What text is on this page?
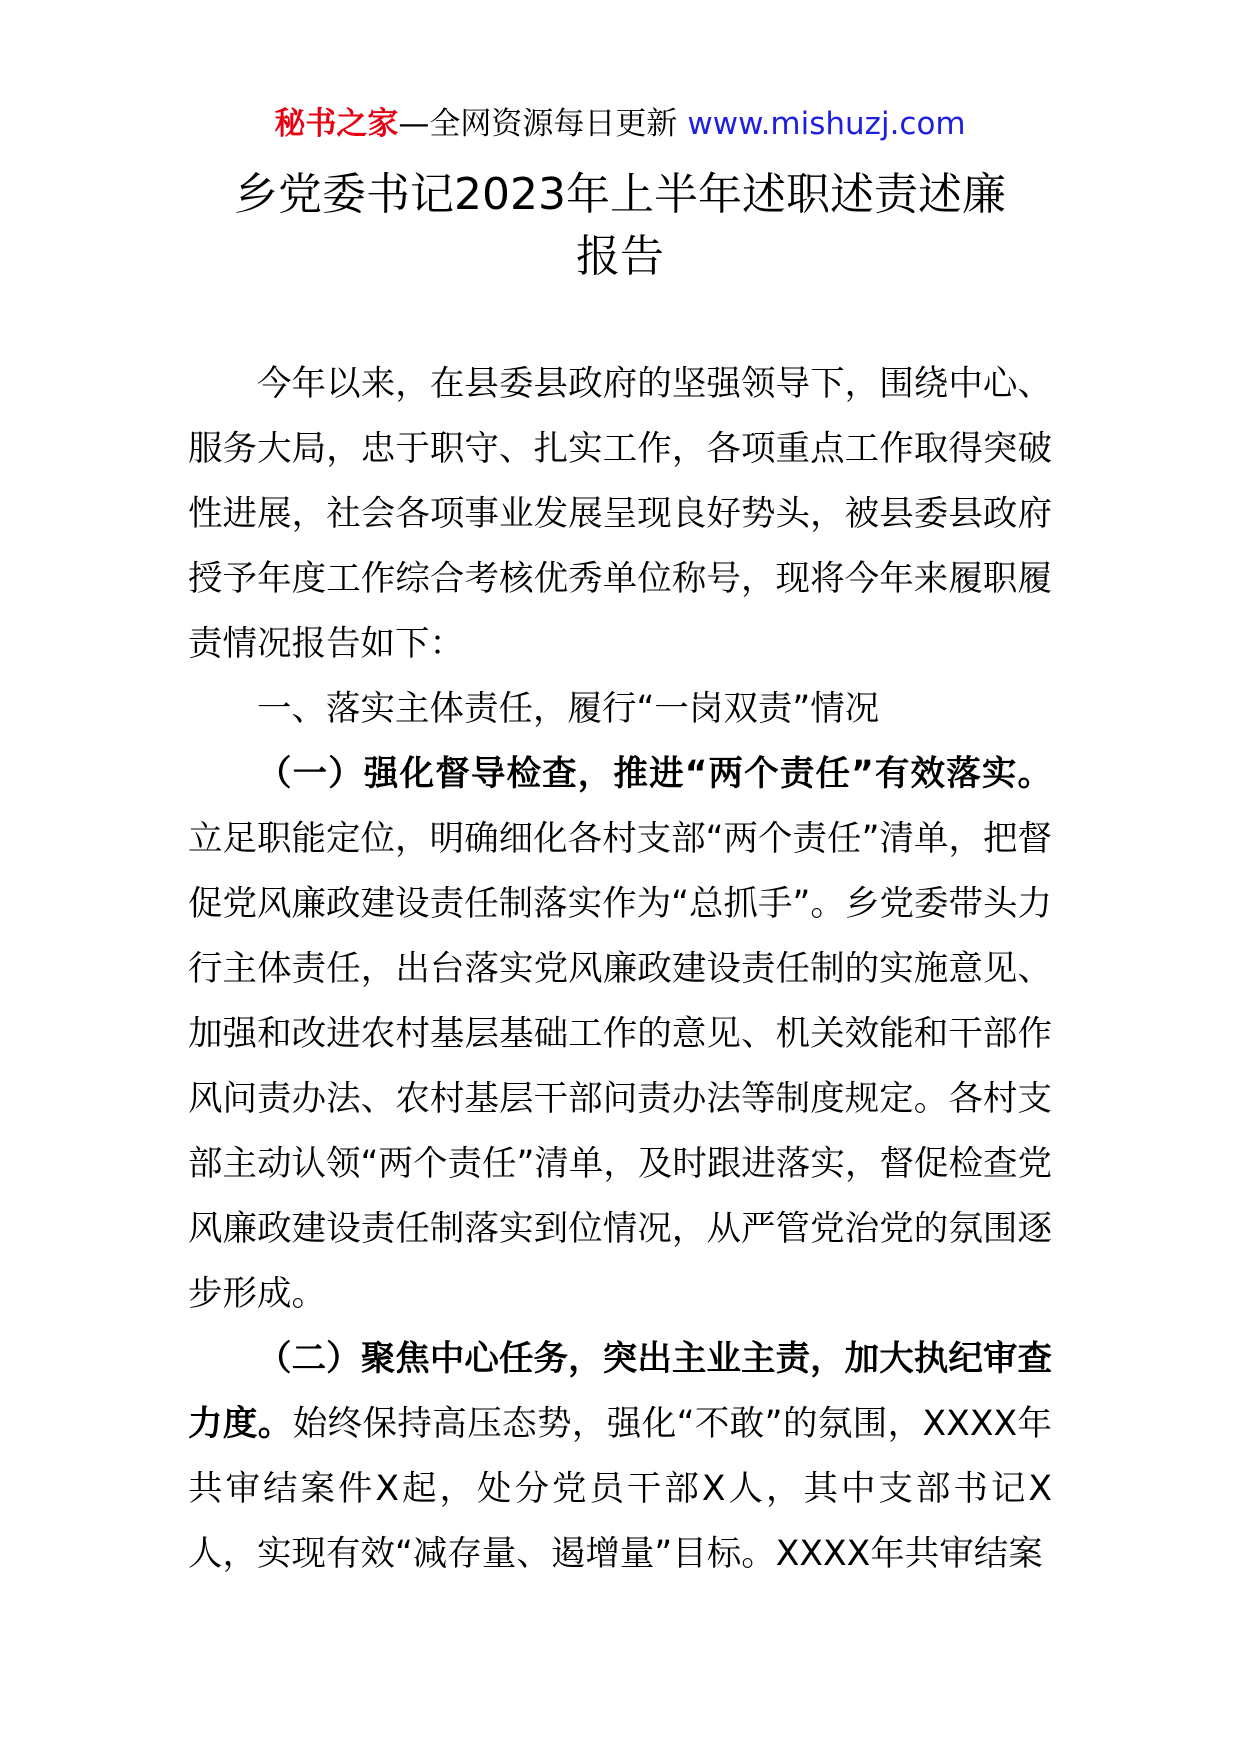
秘书之家—全网资源每日更新 www.mishuzj.com
乡党委书记2023年上半年述职述责述廉
报告

今年以来，在县委县政府的坚强领导下，围绕中心、服务大局，忠于职守、扎实工作，各项重点工作取得突破性进展，社会各项事业发展呈现良好势头，被县委县政府授予年度工作综合考核优秀单位称号，现将今年来履职履责情况报告如下：

一、落实主体责任，履行“一岗双责”情况

（一）强化督导检查，推进“两个责任”有效落实。立足职能定位，明确细化各村支部“两个责任”清单，把督促党风廉政建设责任制落实作为“总抓手”。乡党委带头力行主体责任，出台落实党风廉政建设责任制的实施意见、加强和改进农村基层基础工作的意见、机关效能和干部作风问责办法、农村基层干部问责办法等制度规定。各村支部主动认领“两个责任”清单，及时跟进落实，督促检查党风廉政建设责任制落实到位情况，从严管党治党的氛围逐步形成。

（二）聚焦中心任务，突出主业主责，加大执纪审查力度。始终保持高压态势，强化“不敢”的氛围，XXXX年共审结案件X起，处分党员干部X人，其中支部书记X人，实现有效“减存量、遏增量”目标。XXXX年共审结案
